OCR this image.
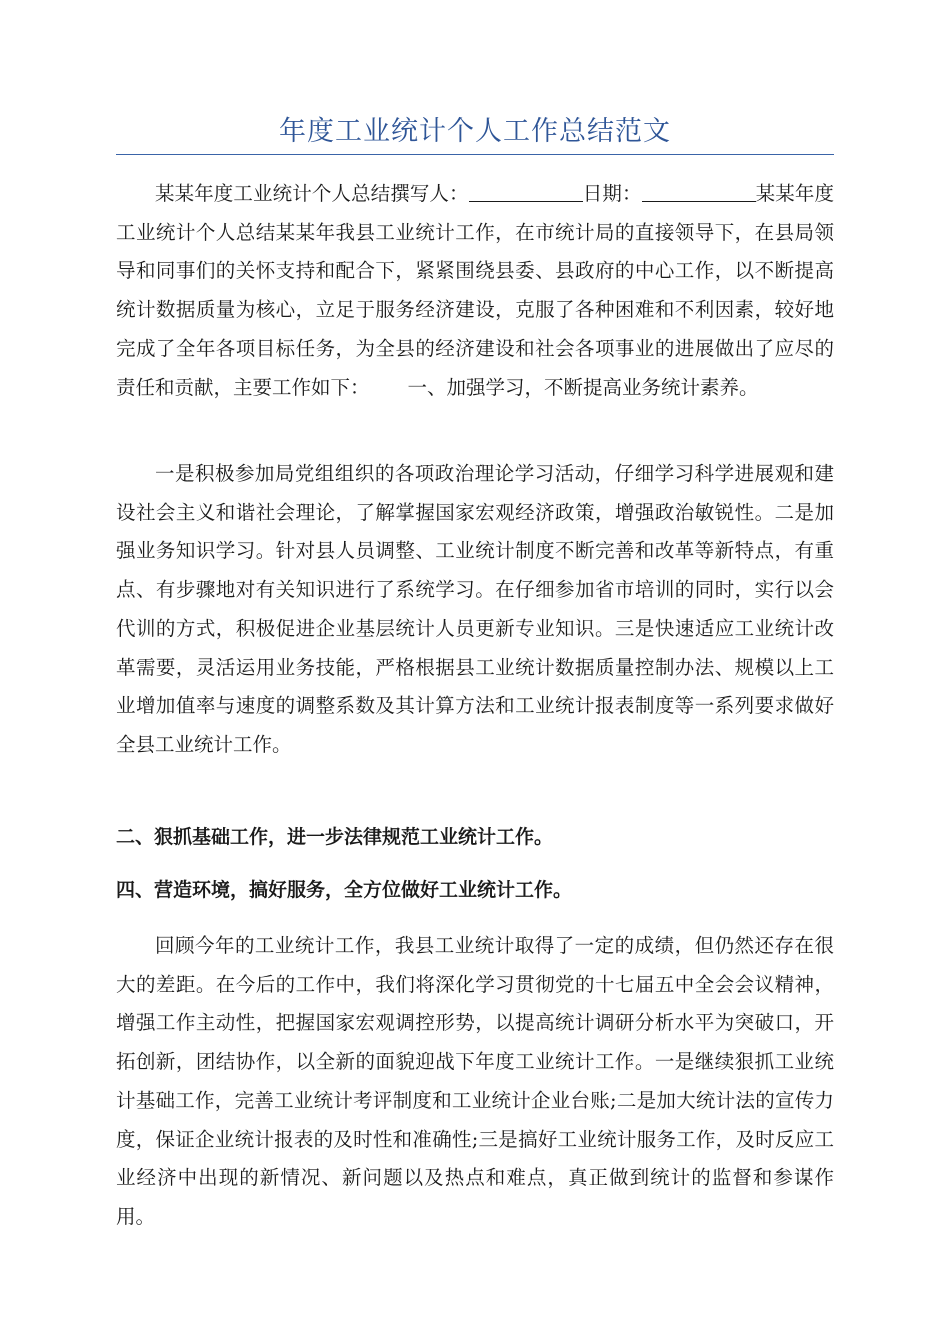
年度工业统计个人工作总结范文

某某年度工业统计个人总结撰写人：	日期：	某某年度工业统计个人总结某某年我县工业统计工作，在市统计局的直接领导下，在县局领导和同事们的关怀支持和配合下，紧紧围绕县委、县政府的中心工作，以不断提高统计数据质量为核心，立足于服务经济建设，克服了各种困难和不利因素，较好地完成了全年各项目标任务，为全县的经济建设和社会各项事业的进展做出了应尽的责任和贡献，主要工作如下： 一、加强学习，不断提高业务统计素养。

一是积极参加局党组组织的各项政治理论学习活动，仔细学习科学进展观和建设社会主义和谐社会理论，了解掌握国家宏观经济政策，增强政治敏锐性。二是加强业务知识学习。针对县人员调整、工业统计制度不断完善和改革等新特点，有重点、有步骤地对有关知识进行了系统学习。在仔细参加省市培训的同时，实行以会代训的方式，积极促进企业基层统计人员更新专业知识。三是快速适应工业统计改革需要，灵活运用业务技能，严格根据县工业统计数据质量控制办法、规模以上工业增加值率与速度的调整系数及其计算方法和工业统计报表制度等一系列要求做好全县工业统计工作。

二、狠抓基础工作，进一步法律规范工业统计工作。

四、营造环境，搞好服务，全方位做好工业统计工作。

回顾今年的工业统计工作，我县工业统计取得了一定的成绩，但仍然还存在很大的差距。在今后的工作中，我们将深化学习贯彻党的十七届五中全会会议精神，增强工作主动性，把握国家宏观调控形势，以提高统计调研分析水平为突破口，开拓创新，团结协作，以全新的面貌迎战下年度工业统计工作。一是继续狠抓工业统计基础工作，完善工业统计考评制度和工业统计企业台账;二是加大统计法的宣传力度，保证企业统计报表的及时性和准确性;三是搞好工业统计服务工作，及时反应工业经济中出现的新情况、新问题以及热点和难点，真正做到统计的监督和参谋作用。
